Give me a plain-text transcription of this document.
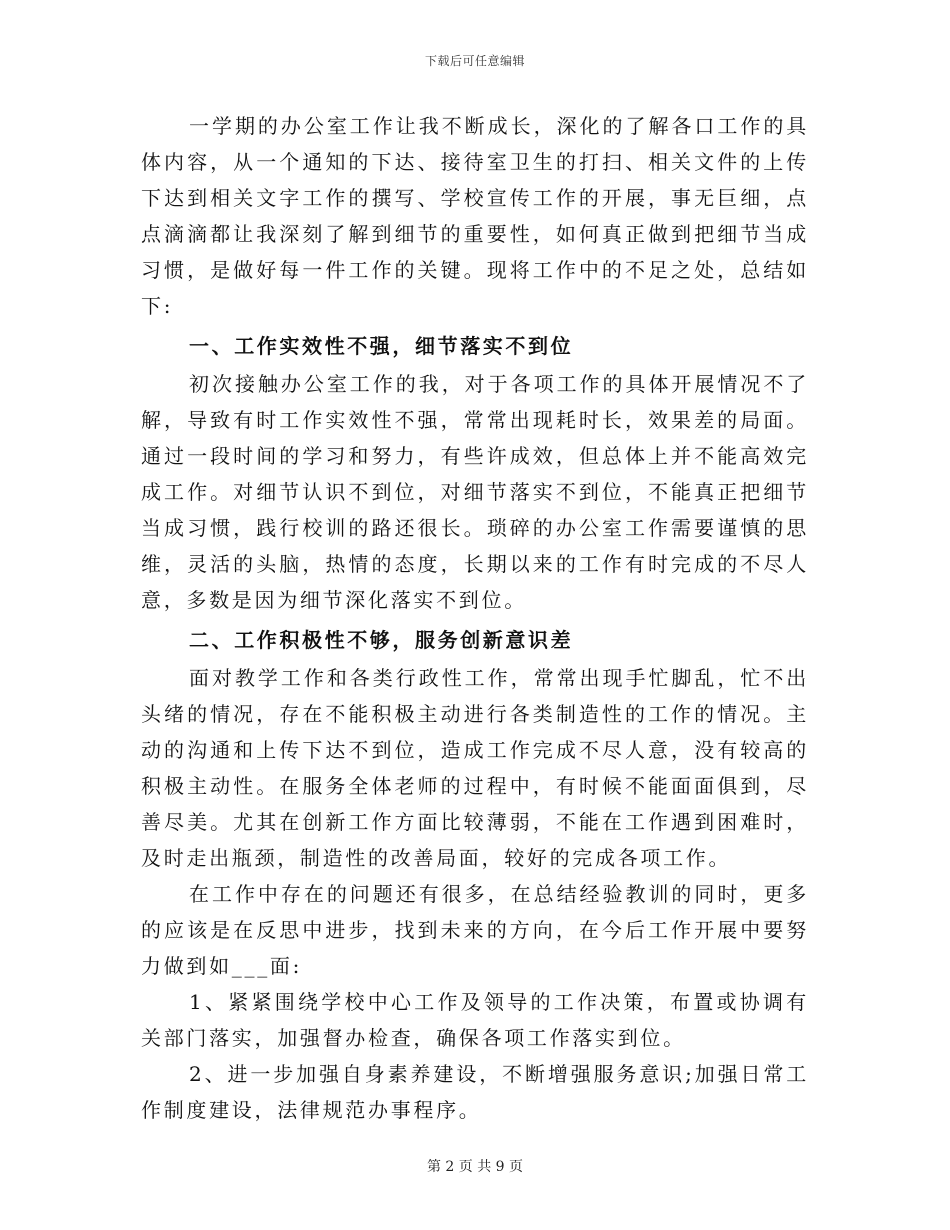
下载后可任意编辑

一学期的办公室工作让我不断成长，深化的了解各口工作的具体内容，从一个通知的下达、接待室卫生的打扫、相关文件的上传下达到相关文字工作的撰写、学校宣传工作的开展，事无巨细，点点滴滴都让我深刻了解到细节的重要性，如何真正做到把细节当成习惯，是做好每一件工作的关键。现将工作中的不足之处，总结如下:

一、工作实效性不强，细节落实不到位

初次接触办公室工作的我，对于各项工作的具体开展情况不了解，导致有时工作实效性不强，常常出现耗时长，效果差的局面。通过一段时间的学习和努力，有些许成效，但总体上并不能高效完成工作。对细节认识不到位，对细节落实不到位，不能真正把细节当成习惯，践行校训的路还很长。琐碎的办公室工作需要谨慎的思维，灵活的头脑，热情的态度，长期以来的工作有时完成的不尽人意，多数是因为细节深化落实不到位。

二、工作积极性不够，服务创新意识差

面对教学工作和各类行政性工作，常常出现手忙脚乱，忙不出头绪的情况，存在不能积极主动进行各类制造性的工作的情况。主动的沟通和上传下达不到位，造成工作完成不尽人意，没有较高的积极主动性。在服务全体老师的过程中，有时候不能面面俱到，尽善尽美。尤其在创新工作方面比较薄弱，不能在工作遇到困难时，及时走出瓶颈，制造性的改善局面，较好的完成各项工作。

在工作中存在的问题还有很多，在总结经验教训的同时，更多的应该是在反思中进步，找到未来的方向，在今后工作开展中要努力做到如___面:

1、紧紧围绕学校中心工作及领导的工作决策，布置或协调有关部门落实，加强督办检查，确保各项工作落实到位。

2、进一步加强自身素养建设，不断增强服务意识;加强日常工作制度建设，法律规范办事程序。

第 2 页 共 9 页
